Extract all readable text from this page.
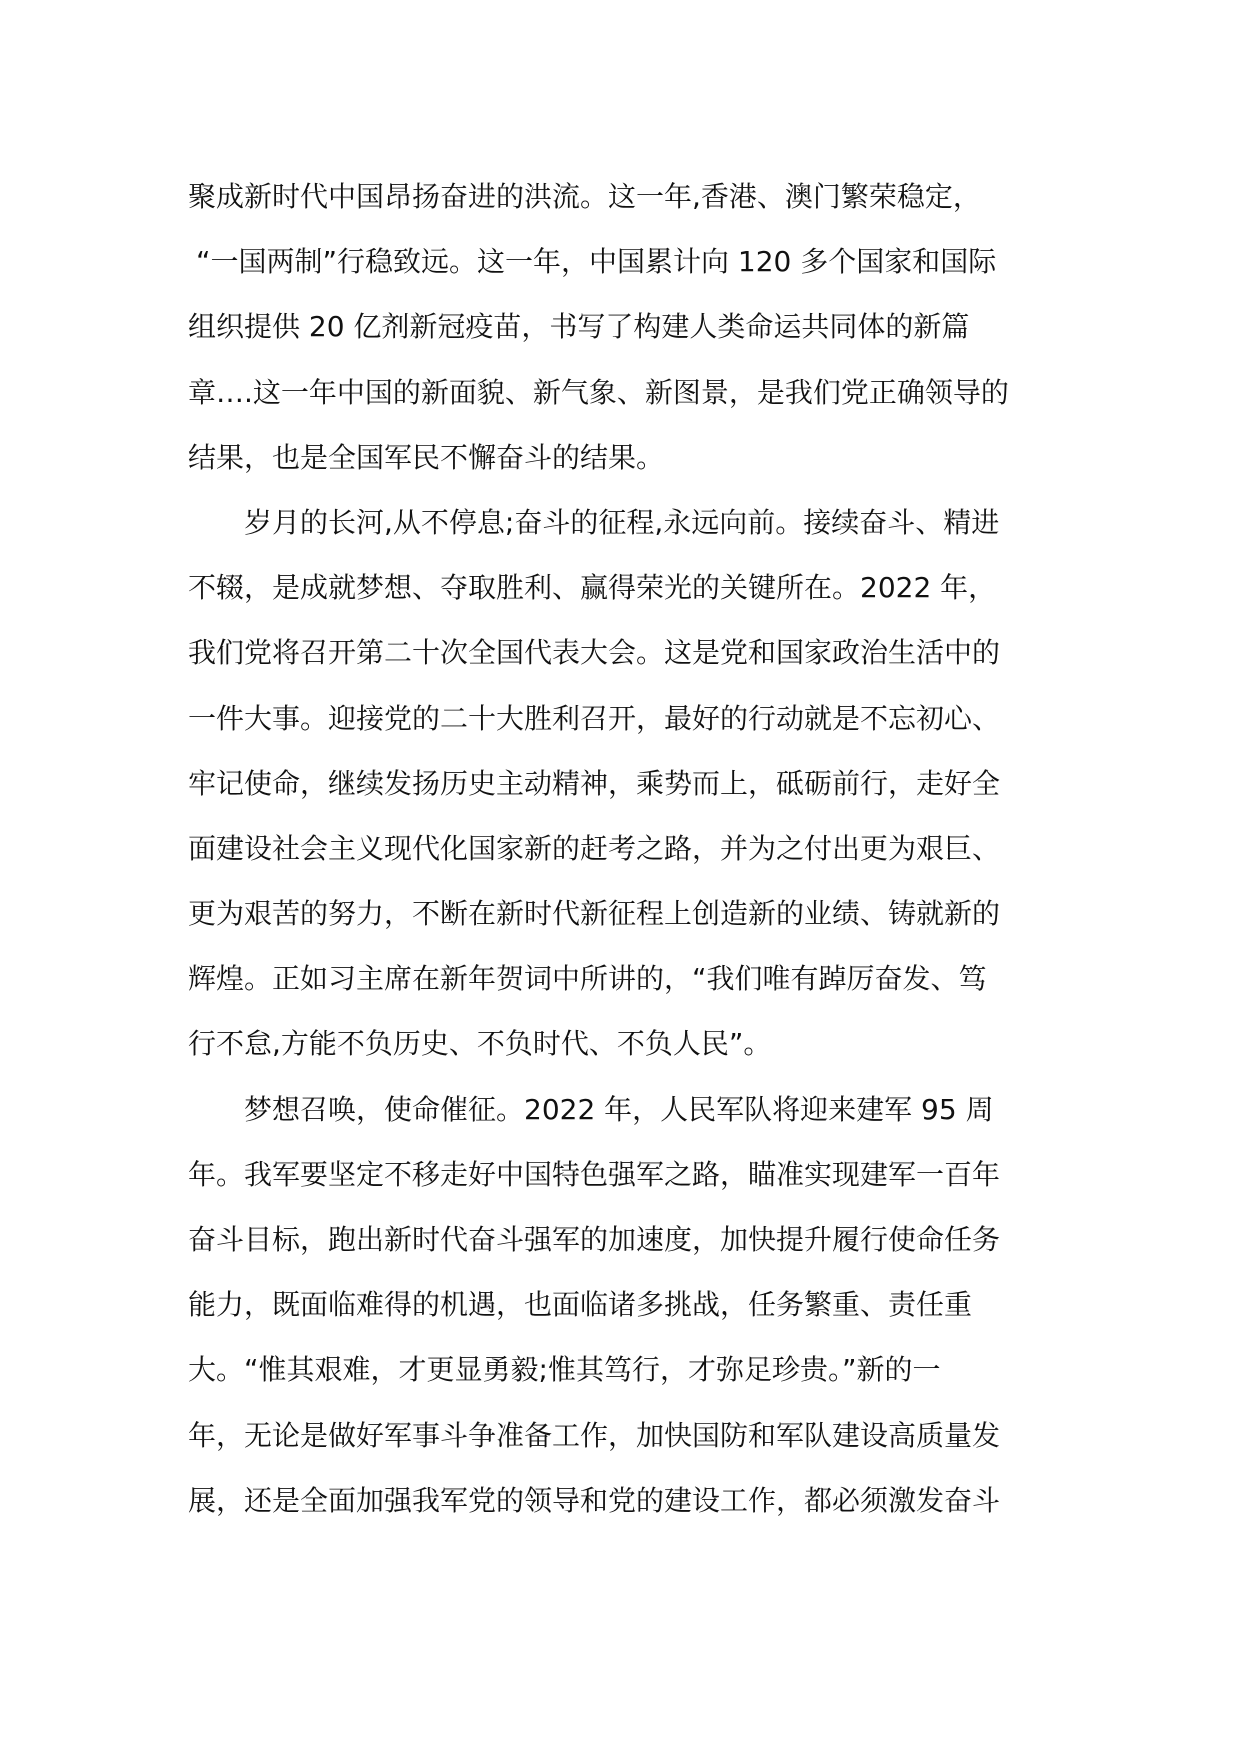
聚成新时代中国昂扬奋进的洪流。这一年,香港、澳门繁荣稳定，
“一国两制”行稳致远。这一年，中国累计向 120 多个国家和国际
组织提供 20 亿剂新冠疫苗，书写了构建人类命运共同体的新篇
章….这一年中国的新面貌、新气象、新图景，是我们党正确领导的
结果，也是全国军民不懈奋斗的结果。
岁月的长河,从不停息;奋斗的征程,永远向前。接续奋斗、精进
不辍，是成就梦想、夺取胜利、赢得荣光的关键所在。2022 年，
我们党将召开第二十次全国代表大会。这是党和国家政治生活中的
一件大事。迎接党的二十大胜利召开，最好的行动就是不忘初心、
牢记使命，继续发扬历史主动精神，乘势而上，砥砺前行，走好全
面建设社会主义现代化国家新的赶考之路，并为之付出更为艰巨、
更为艰苦的努力，不断在新时代新征程上创造新的业绩、铸就新的
辉煌。正如习主席在新年贺词中所讲的，“我们唯有踔厉奋发、笃
行不怠,方能不负历史、不负时代、不负人民”。
梦想召唤，使命催征。2022 年，人民军队将迎来建军 95 周
年。我军要坚定不移走好中国特色强军之路，瞄准实现建军一百年
奋斗目标，跑出新时代奋斗强军的加速度，加快提升履行使命任务
能力，既面临难得的机遇，也面临诸多挑战，任务繁重、责任重
大。“惟其艰难，才更显勇毅;惟其笃行，才弥足珍贵。”新的一
年，无论是做好军事斗争准备工作，加快国防和军队建设高质量发
展，还是全面加强我军党的领导和党的建设工作，都必须激发奋斗
